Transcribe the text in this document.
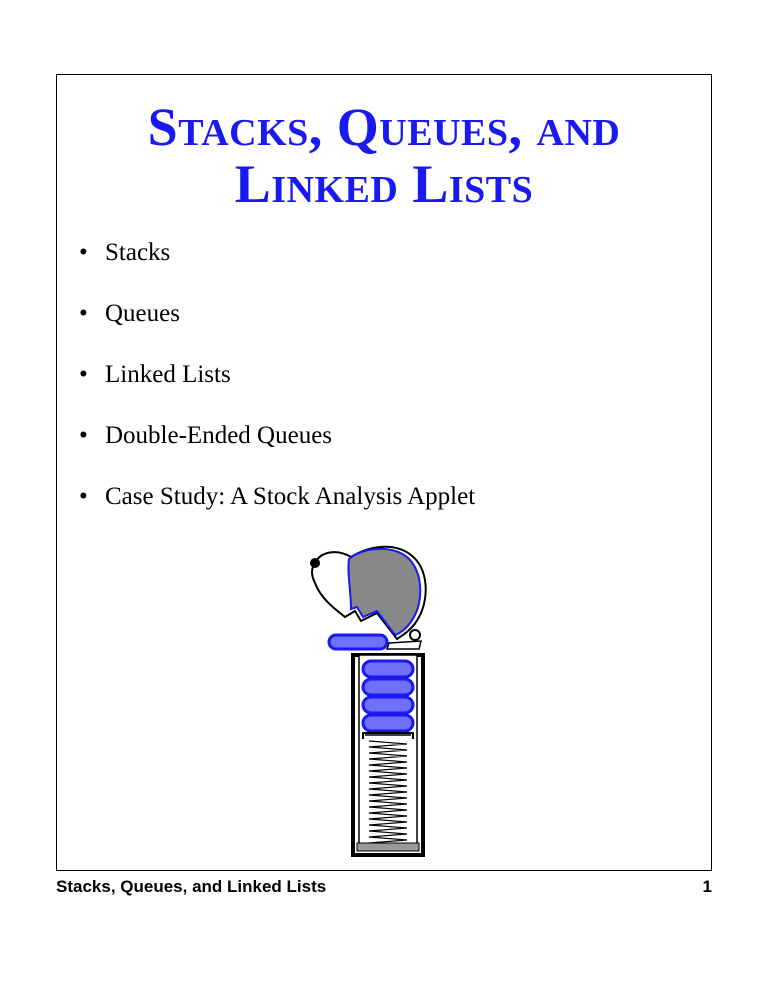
Stacks, Queues, and
Linked Lists
• Stacks
• Queues
• Linked Lists
• Double-Ended Queues
• Case Study: A Stock Analysis Applet
Stacks, Queues, and Linked Lists	1
